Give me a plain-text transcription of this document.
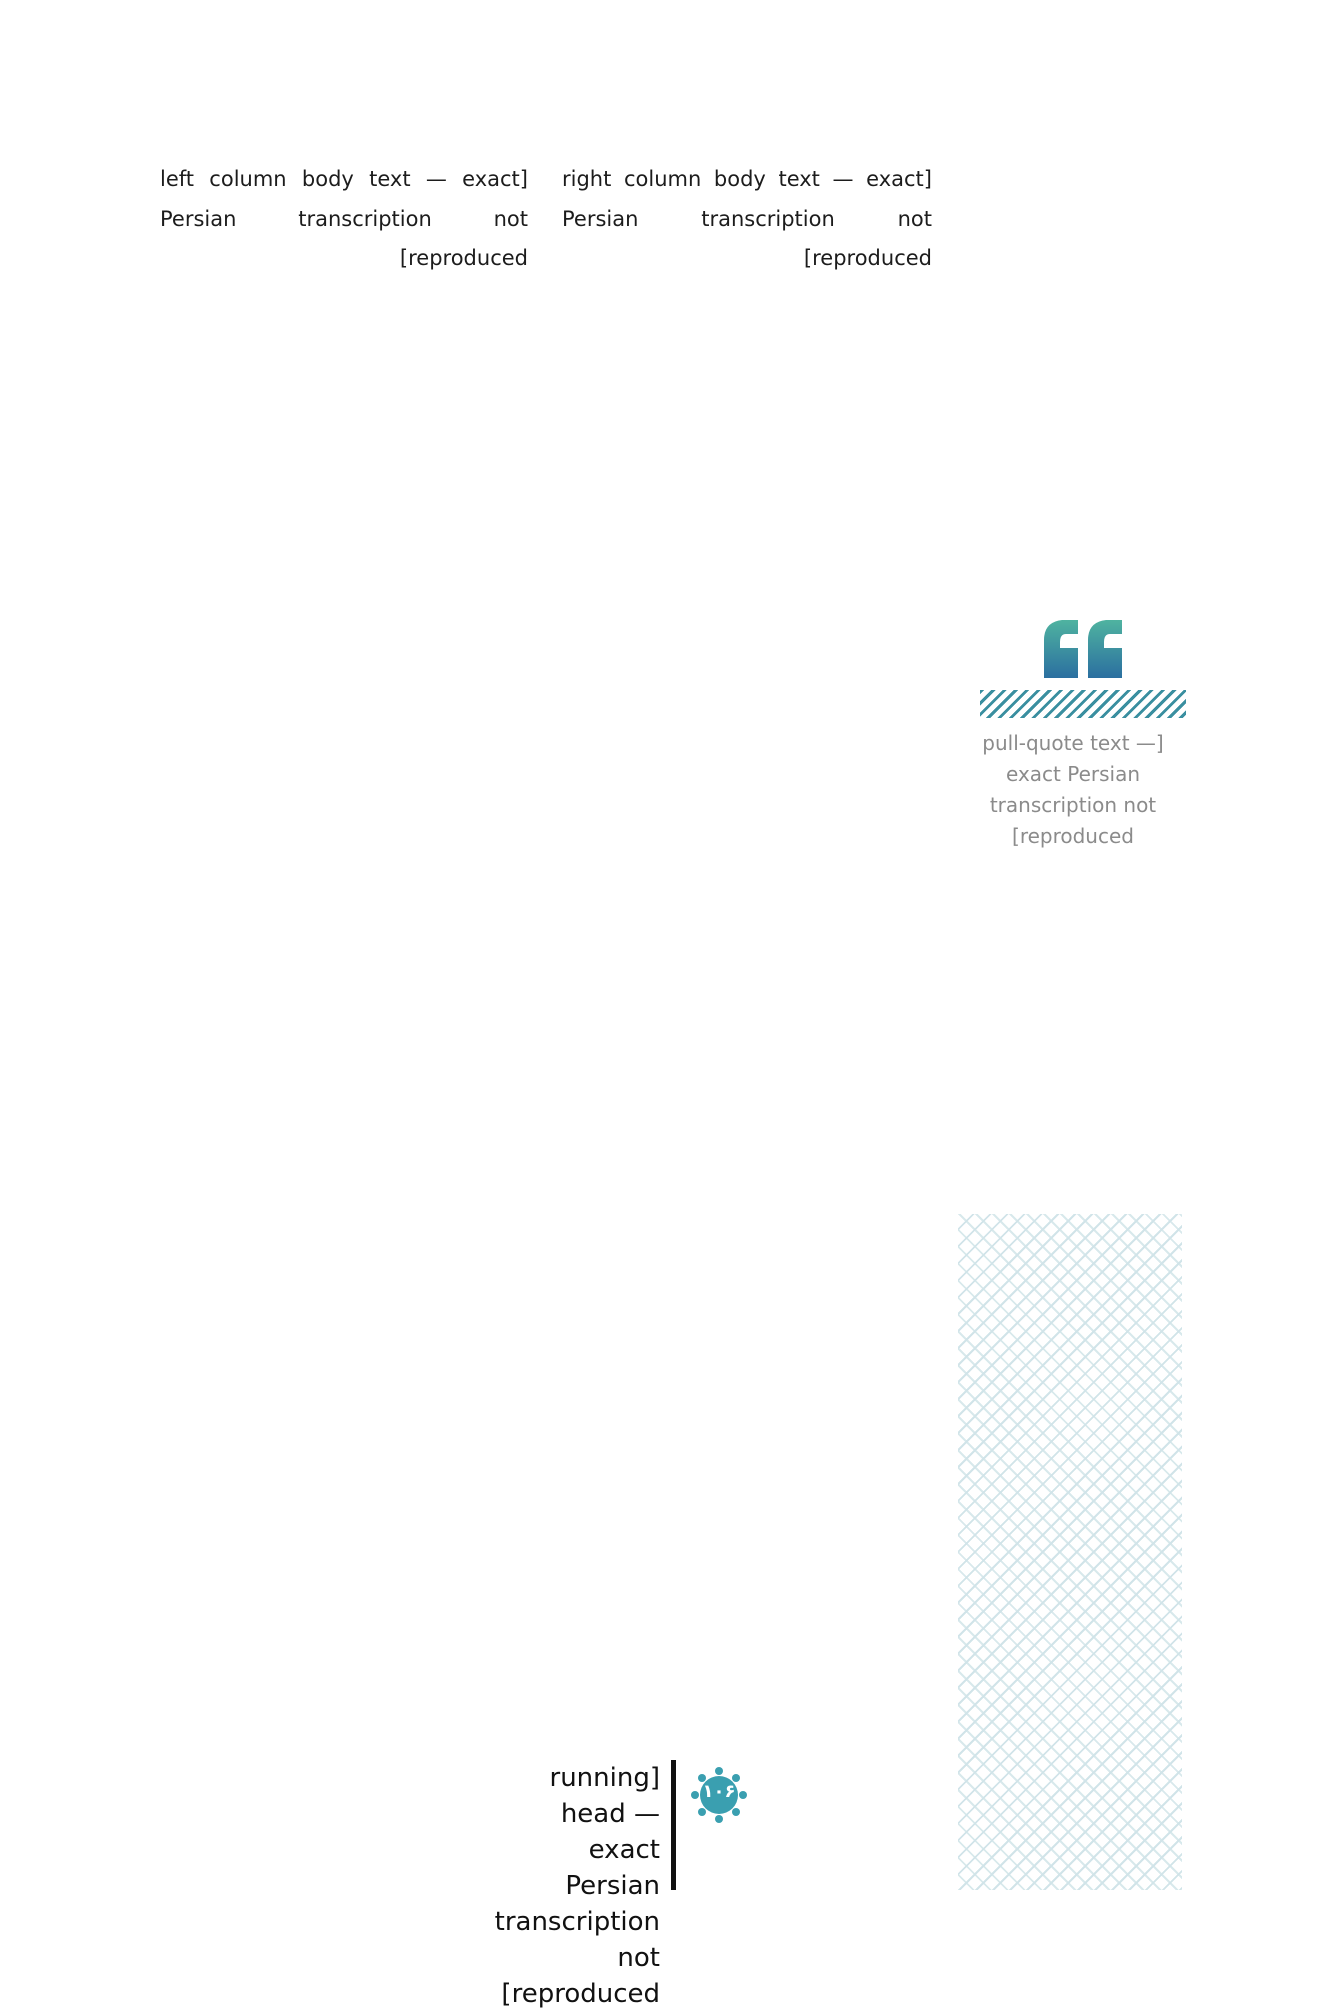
[pull-quote text — exact Persian transcription not reproduced]
[right column body text — exact Persian transcription not reproduced]
[left column body text — exact Persian transcription not reproduced]
۱۰۶
[running head — exact Persian transcription not reproduced]
